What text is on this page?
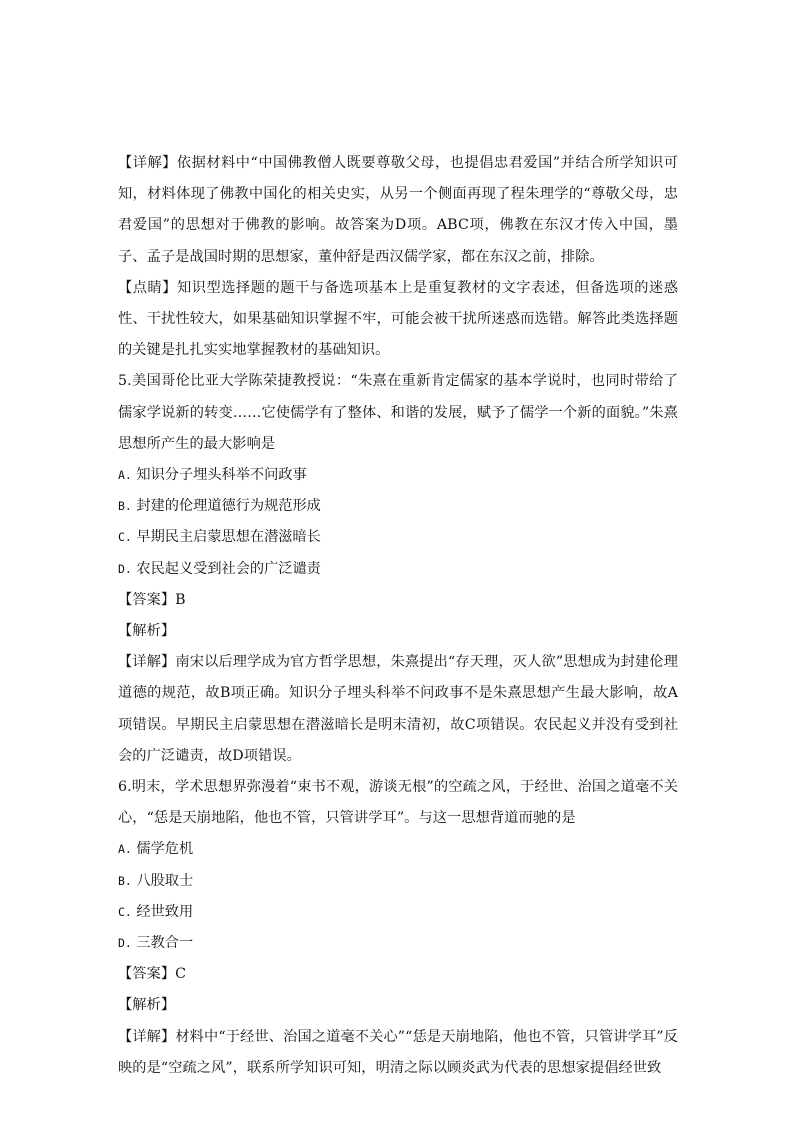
【详解】依据材料中“中国佛教僧人既要尊敬父母，也提倡忠君爱国”并结合所学知识可知，材料体现了佛教中国化的相关史实，从另一个侧面再现了程朱理学的“尊敬父母，忠君爱国”的思想对于佛教的影响。故答案为D项。ABC项，佛教在东汉才传入中国，墨子、孟子是战国时期的思想家，董仲舒是西汉儒学家，都在东汉之前，排除。

【点睛】知识型选择题的题干与备选项基本上是重复教材的文字表述，但备选项的迷惑性、干扰性较大，如果基础知识掌握不牢，可能会被干扰所迷惑而选错。解答此类选择题的关键是扎扎实实地掌握教材的基础知识。

5.美国哥伦比亚大学陈荣捷教授说：“朱熹在重新肯定儒家的基本学说时，也同时带给了儒家学说新的转变……它使儒学有了整体、和谐的发展，赋予了儒学一个新的面貌。”朱熹思想所产生的最大影响是

A. 知识分子埋头科举不问政事

B. 封建的伦理道德行为规范形成

C. 早期民主启蒙思想在潜滋暗长

D. 农民起义受到社会的广泛谴责

【答案】B

【解析】

【详解】南宋以后理学成为官方哲学思想，朱熹提出“存天理，灭人欲”思想成为封建伦理道德的规范，故B项正确。知识分子埋头科举不问政事不是朱熹思想产生最大影响，故A项错误。早期民主启蒙思想在潜滋暗长是明末清初，故C项错误。农民起义并没有受到社会的广泛谴责，故D项错误。

6.明末，学术思想界弥漫着“束书不观，游谈无根”的空疏之风，于经世、治国之道毫不关心，“恁是天崩地陷，他也不管，只管讲学耳”。与这一思想背道而驰的是

A. 儒学危机

B. 八股取士

C. 经世致用

D. 三教合一

【答案】C

【解析】

【详解】材料中“于经世、治国之道毫不关心”“恁是天崩地陷，他也不管，只管讲学耳”反映的是“空疏之风”，联系所学知识可知，明清之际以顾炎武为代表的思想家提倡经世致
